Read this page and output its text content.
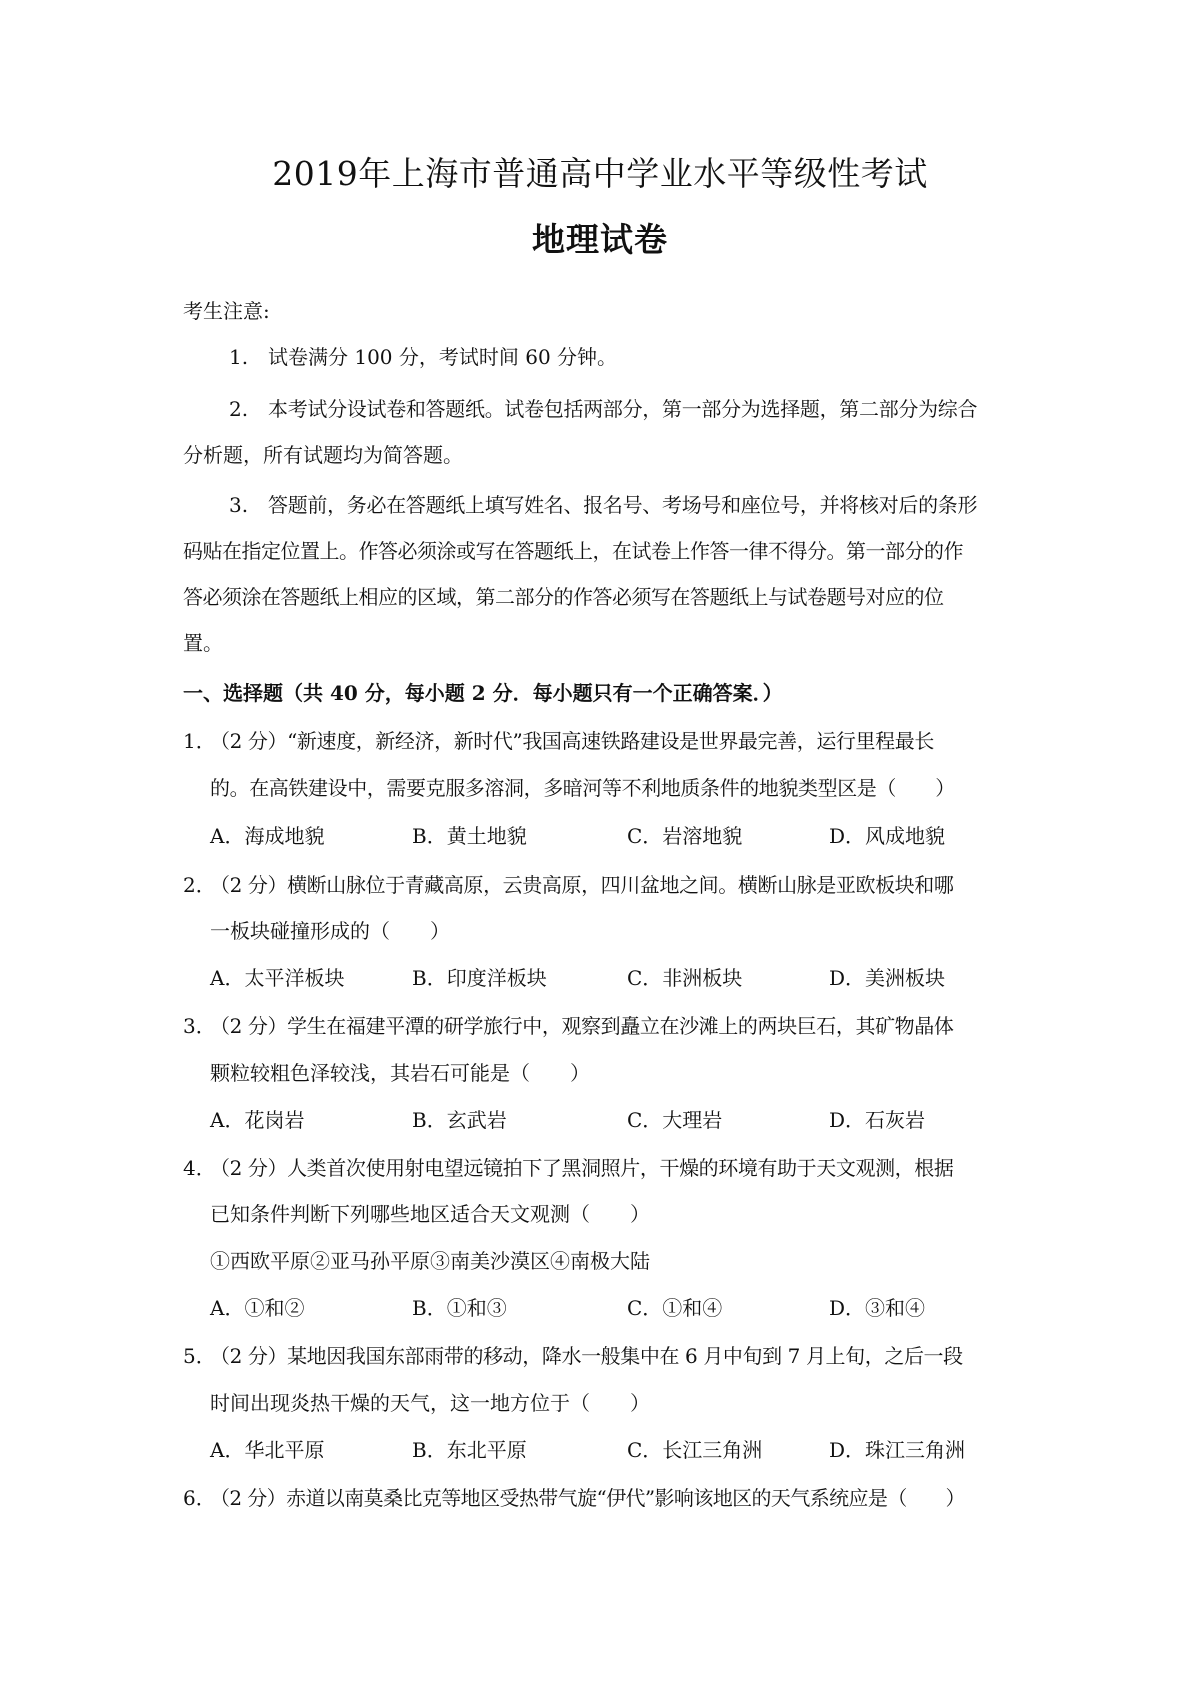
2019年上海市普通高中学业水平等级性考试
地理试卷
考生注意:
1. 试卷满分 100 分，考试时间 60 分钟。
2. 本考试分设试卷和答题纸。试卷包括两部分，第一部分为选择题，第二部分为综合
分析题，所有试题均为简答题。
3. 答题前，务必在答题纸上填写姓名、报名号、考场号和座位号，并将核对后的条形
码贴在指定位置上。作答必须涂或写在答题纸上，在试卷上作答一律不得分。第一部分的作
答必须涂在答题纸上相应的区域，第二部分的作答必须写在答题纸上与试卷题号对应的位
置。
一、选择题（共 40 分，每小题 2 分．每小题只有一个正确答案．）
1．
（2 分）“新速度，新经济，新时代”我国高速铁路建设是世界最完善，运行里程最长
的。在高铁建设中，需要克服多溶洞，多暗河等不利地质条件的地貌类型区是（　　）
A．海成地貌	B．黄土地貌	C．岩溶地貌	D．风成地貌
2．
（2 分）横断山脉位于青藏高原，云贵高原，四川盆地之间。横断山脉是亚欧板块和哪
一板块碰撞形成的（　　）
A．太平洋板块	B．印度洋板块	C．非洲板块	D．美洲板块
3．
（2 分）学生在福建平潭的研学旅行中，观察到矗立在沙滩上的两块巨石，其矿物晶体
颗粒较粗色泽较浅，其岩石可能是（　　）
A．花岗岩	B．玄武岩	C．大理岩	D．石灰岩
4．
（2 分）人类首次使用射电望远镜拍下了黑洞照片，干燥的环境有助于天文观测，根据
已知条件判断下列哪些地区适合天文观测（　　）
①西欧平原②亚马孙平原③南美沙漠区④南极大陆
A．①和②	B．①和③	C．①和④	D．③和④
5．
（2 分）某地因我国东部雨带的移动，降水一般集中在 6 月中旬到 7 月上旬，之后一段
时间出现炎热干燥的天气，这一地方位于（　　）
A．华北平原	B．东北平原	C．长江三角洲	D．珠江三角洲
6．
（2 分）赤道以南莫桑比克等地区受热带气旋“伊代”影响该地区的天气系统应是（　　）
